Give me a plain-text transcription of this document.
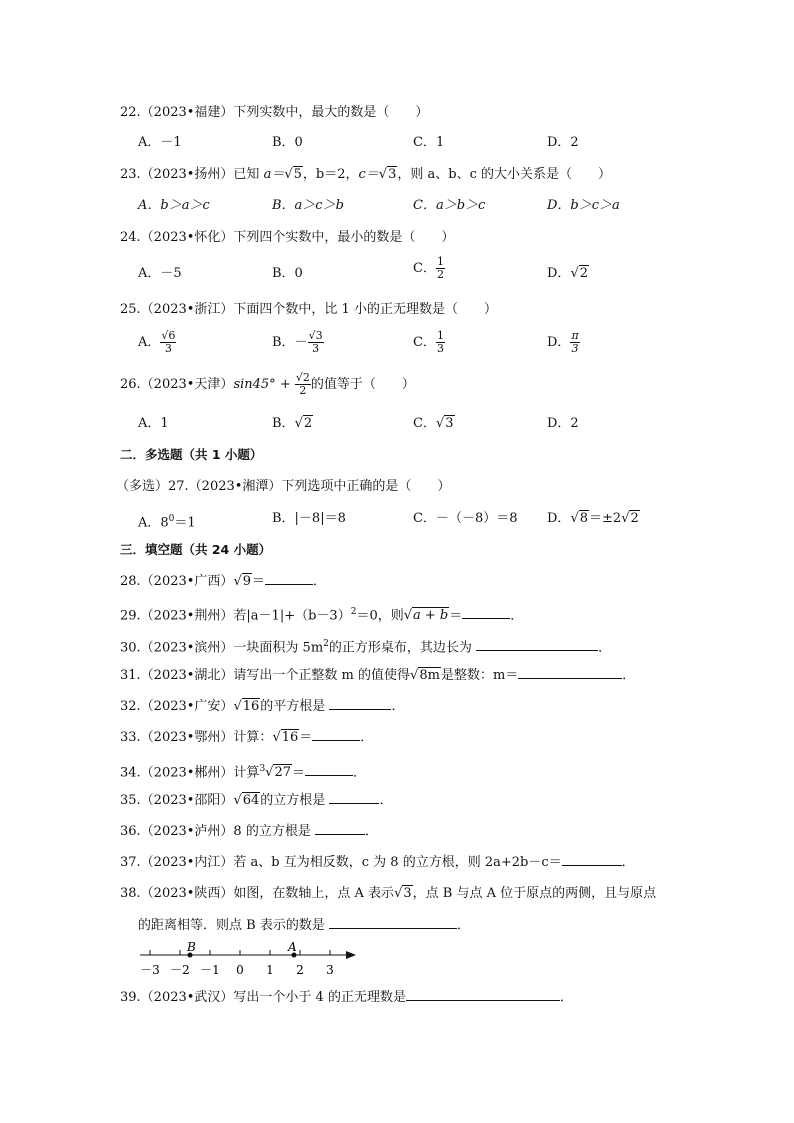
22.（2023•福建）下列实数中，最大的数是（　　）
A．－1	B．0	C．1	D．2
23.（2023•扬州）已知 a＝√5，b＝2，c＝√3，则 a、b、c 的大小关系是（　　）
A．b＞a＞c	B．a＞c＞b	C．a＞b＞c	D．b＞c＞a
24.（2023•怀化）下列四个实数中，最小的数是（　　）
A．－5	B．0	C． $\frac{1}{2}$	D．√2
25.（2023•浙江）下面四个数中，比 1 小的正无理数是（　　）
A． $\frac{√6}{3}$	B．－ $\frac{√3}{3}$	C． $\frac{1}{3}$	D． $\frac{\pi}{3}$
26.（2023•天津）$\sin 45^\circ + \frac{√2}{2}$ 的值等于（　　）
A．1	B．√2	C．√3	D．2
二．多选题（共 1 小题）
（多选）27.（2023•湘潭）下列选项中正确的是（　　）
A．$8^0=1$	B．|－8|＝8	C．－（－8）＝8 D．√8＝±2√2
三．填空题（共 24 小题）
28.（2023•广西）√9＝	．
29.（2023•荆州）若$|a-1|+(b-3)^2=0$，则√a + b＝	．
30.（2023•滨州）一块面积为 $5m^2$的正方形桌布，其边长为	．
31.（2023•湖北）请写出一个正整数 m 的值使得√8m是整数：m＝	．
32.（2023•广安）√16的平方根是	．
33.（2023•鄂州）计算：√16＝	．
34.（2023•郴州）计算$^3$√27＝	．
35.（2023•邵阳）√64的立方根是	．
36.（2023•泸州）8 的立方根是	．
37.（2023•内江）若 a、b 互为相反数，c 为 8 的立方根，则 2a+2b－c＝	．
38.（2023•陕西）如图，在数轴上，点 A 表示√3，点 B 与点 A 位于原点的两侧，且与原点
的距离相等．则点 B 表示的数是	．
－3 －2 －1 0 1 2 3
B	A
39.（2023•武汉）写出一个小于 4 的正无理数是	．
